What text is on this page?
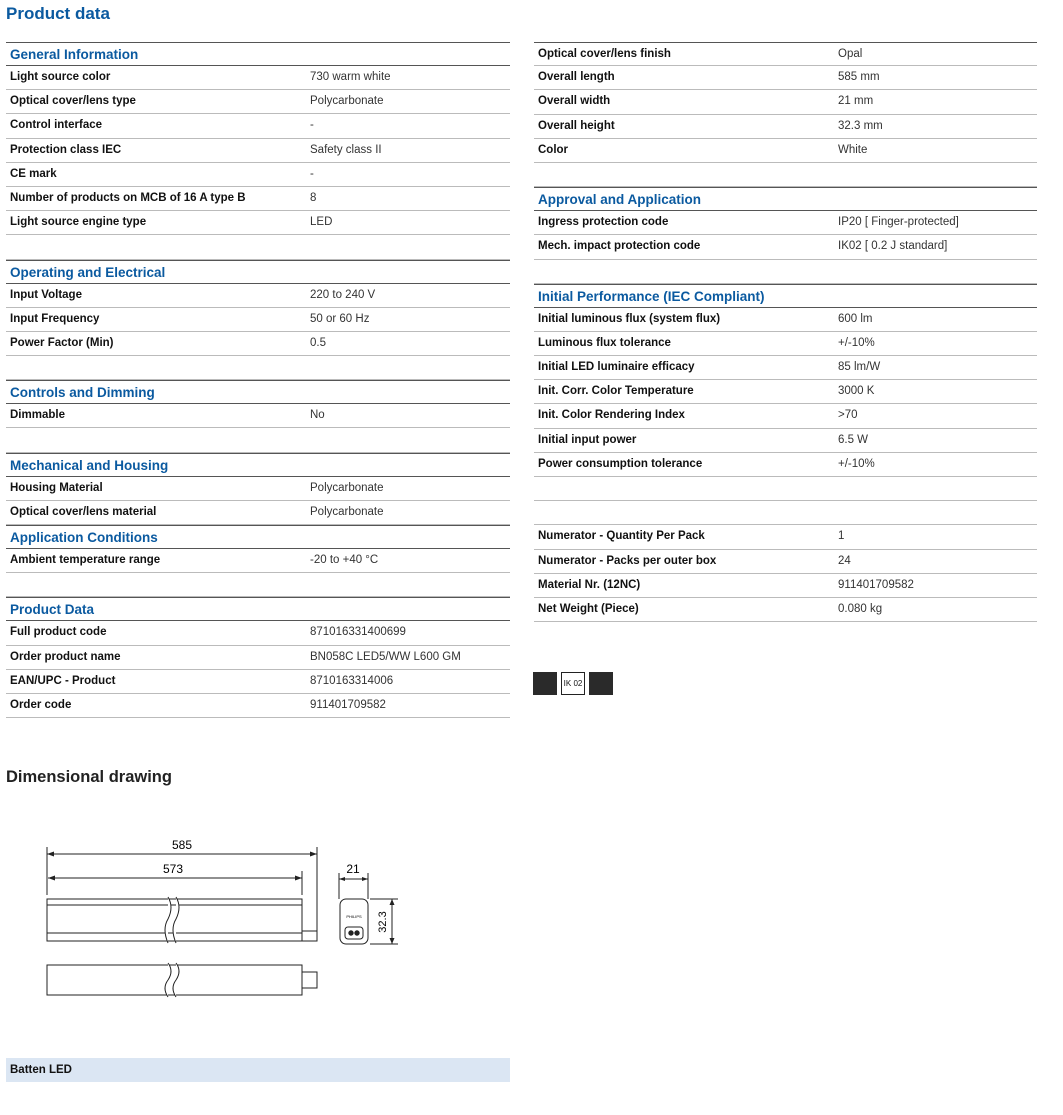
Product data
General Information
Light source color	730 warm white
Optical cover/lens type	Polycarbonate
Control interface	-
Protection class IEC	Safety class II
CE mark	-
Number of products on MCB of 16 A type B	8
Light source engine type	LED
Operating and Electrical
Input Voltage	220 to 240 V
Input Frequency	50 or 60 Hz
Power Factor (Min)	0.5
Controls and Dimming
Dimmable	No
Mechanical and Housing
Housing Material	Polycarbonate
Optical cover/lens material	Polycarbonate
Application Conditions
Ambient temperature range	-20 to +40 °C
Product Data
Full product code	871016331400699
Order product name	BN058C LED5/WW L600 GM
EAN/UPC - Product	8710163314006
Order code	911401709582
Optical cover/lens finish	Opal
Overall length	585 mm
Overall width	21 mm
Overall height	32.3 mm
Color	White
Approval and Application
Ingress protection code	IP20 [ Finger-protected]
Mech. impact protection code	IK02 [ 0.2 J standard]
Initial Performance (IEC Compliant)
Initial luminous flux (system flux)	600 lm
Luminous flux tolerance	+/-10%
Initial LED luminaire efficacy	85 lm/W
Init. Corr. Color Temperature	3000 K
Init. Color Rendering Index	>70
Initial input power	6.5 W
Power consumption tolerance	+/-10%
Numerator - Quantity Per Pack	1
Numerator - Packs per outer box	24
Material Nr. (12NC)	911401709582
Net Weight (Piece)	0.080 kg
IK 02
Dimensional drawing
585
573	21
32.3
PHILIPS
Batten LED
